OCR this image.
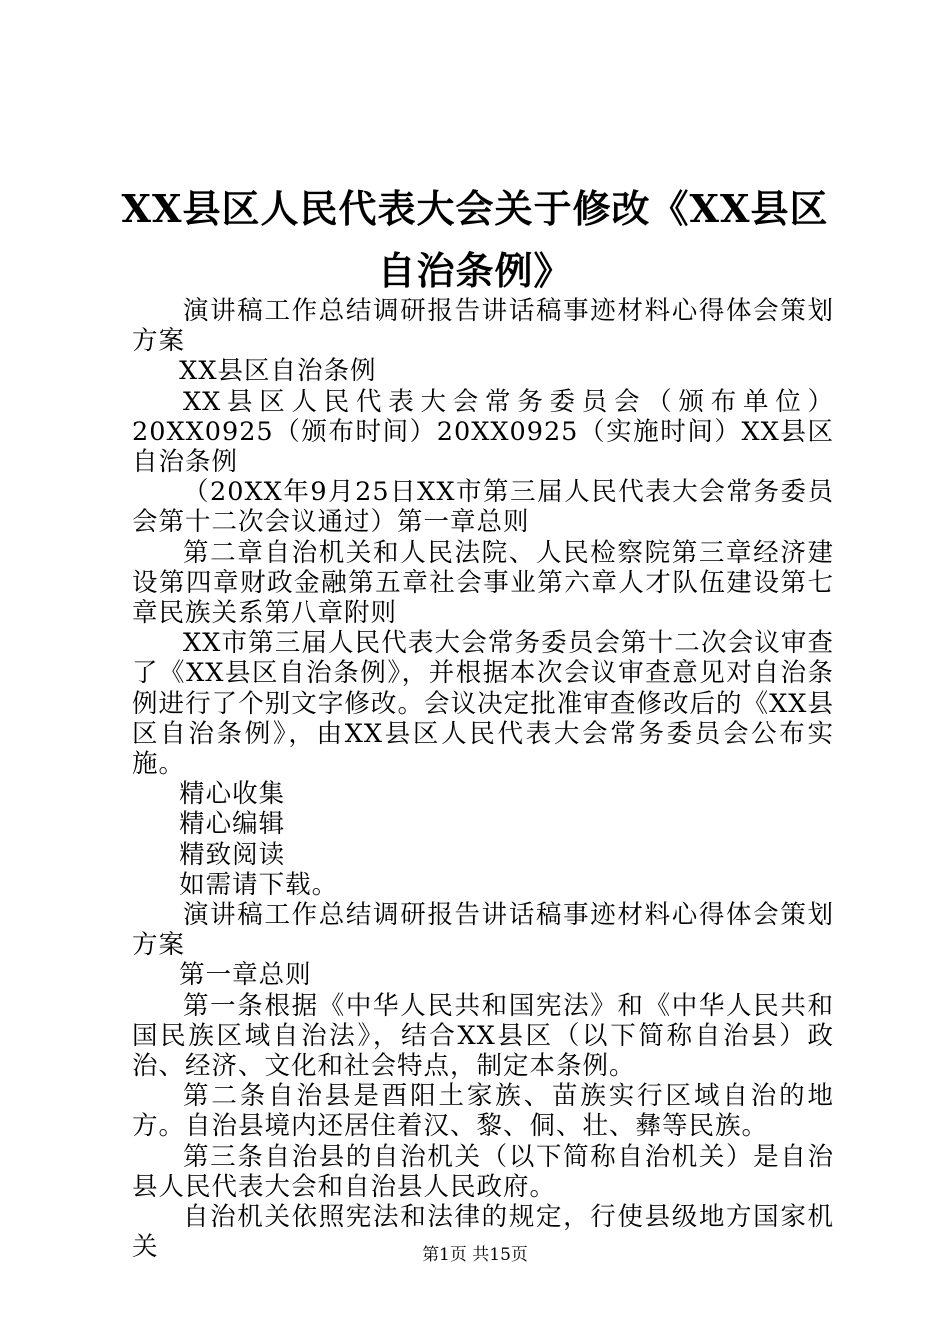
XX县区人民代表大会关于修改《XX县区自治条例》

演讲稿工作总结调研报告讲话稿事迹材料心得体会策划方案

XX县区自治条例

XX县区人民代表大会常务委员会（颁布单位）20XX0925（颁布时间）20XX0925（实施时间）XX县区自治条例

（20XX年9月25日XX市第三届人民代表大会常务委员会第十二次会议通过）第一章总则

第二章自治机关和人民法院、人民检察院第三章经济建设第四章财政金融第五章社会事业第六章人才队伍建设第七章民族关系第八章附则

XX市第三届人民代表大会常务委员会第十二次会议审查了《XX县区自治条例》，并根据本次会议审查意见对自治条例进行了个别文字修改。会议决定批准审查修改后的《XX县区自治条例》，由XX县区人民代表大会常务委员会公布实施。

精心收集

精心编辑

精致阅读

如需请下载。

演讲稿工作总结调研报告讲话稿事迹材料心得体会策划方案

第一章总则

第一条根据《中华人民共和国宪法》和《中华人民共和国民族区域自治法》，结合XX县区（以下简称自治县）政治、经济、文化和社会特点，制定本条例。

第二条自治县是酉阳土家族、苗族实行区域自治的地方。自治县境内还居住着汉、黎、侗、壮、彝等民族。

第三条自治县的自治机关（以下简称自治机关）是自治县人民代表大会和自治县人民政府。

自治机关依照宪法和法律的规定，行使县级地方国家机关	第1页 共15页
